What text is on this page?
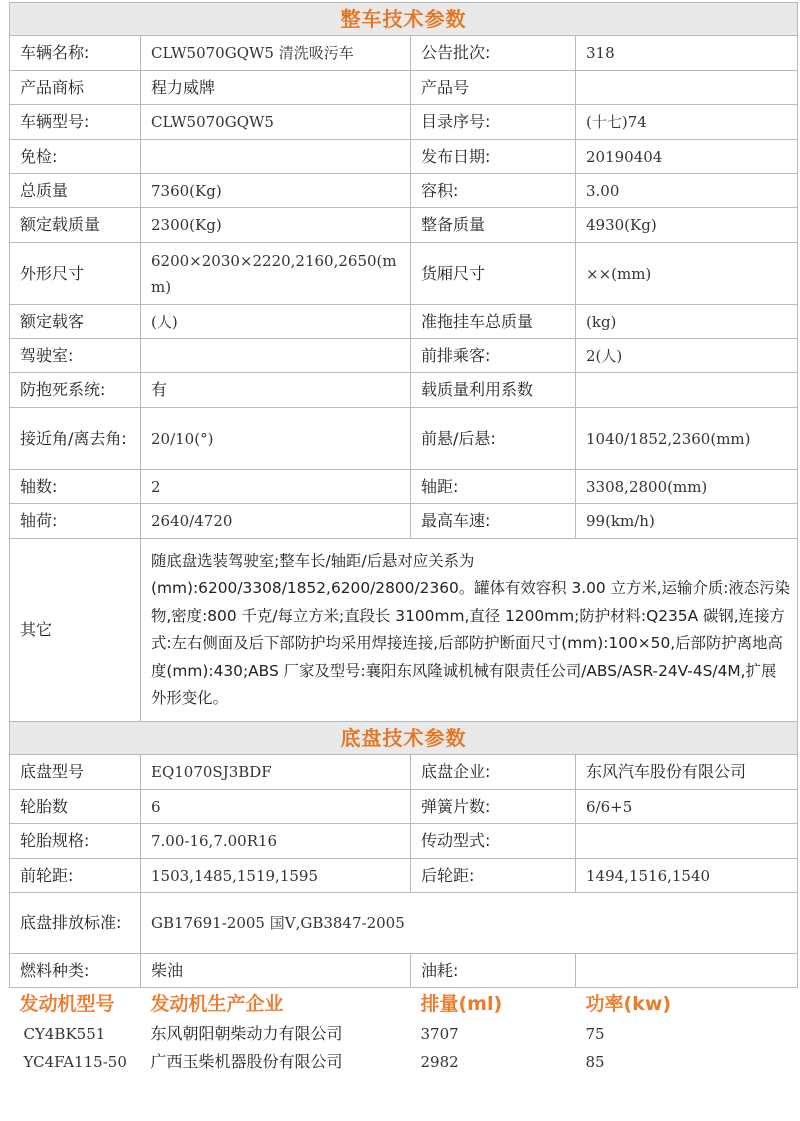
整车技术参数			
车辆名称:	CLW5070GQW5 清洗吸污车	公告批次:	318
产品商标	程力威牌	产品号	
车辆型号:	CLW5070GQW5	目录序号:	(十七)74
免检:		发布日期:	20190404
总质量	7360(Kg)	容积:	3.00
额定载质量	2300(Kg)	整备质量	4930(Kg)
外形尺寸	6200×2030×2220,2160,2650(mm)	货厢尺寸	××(mm)
额定载客	(人)	准拖挂车总质量	(kg)
驾驶室:		前排乘客:	2(人)
防抱死系统:	有	载质量利用系数	
接近角/离去角:	20/10(°)	前悬/后悬:	1040/1852,2360(mm)
轴数:	2	轴距:	3308,2800(mm)
轴荷:	2640/4720	最高车速:	99(km/h)
其它	随底盘选装驾驶室;整车长/轴距/后悬对应关系为(mm):6200/3308/1852,6200/2800/2360。罐体有效容积 3.00 立方米,运输介质:液态污染物,密度:800 千克/每立方米;直段长 3100mm,直径 1200mm;防护材料:Q235A 碳钢,连接方式:左右侧面及后下部防护均采用焊接连接,后部防护断面尺寸(mm):100×50,后部防护离地高度(mm):430;ABS 厂家及型号:襄阳东风隆诚机械有限责任公司/ABS/ASR-24V-4S/4M,扩展外形变化。		
底盘技术参数			
底盘型号	EQ1070SJ3BDF	底盘企业:	东风汽车股份有限公司
轮胎数	6	弹簧片数:	6/6+5
轮胎规格:	7.00-16,7.00R16	传动型式:	
前轮距:	1503,1485,1519,1595	后轮距:	1494,1516,1540
底盘排放标准:	GB17691-2005 国Ⅴ,GB3847-2005		
燃料种类:	柴油	油耗:	
发动机型号	发动机生产企业	排量(ml)	功率(kw)
CY4BK551	东风朝阳朝柴动力有限公司	3707	75
YC4FA115-50	广西玉柴机器股份有限公司	2982	85
